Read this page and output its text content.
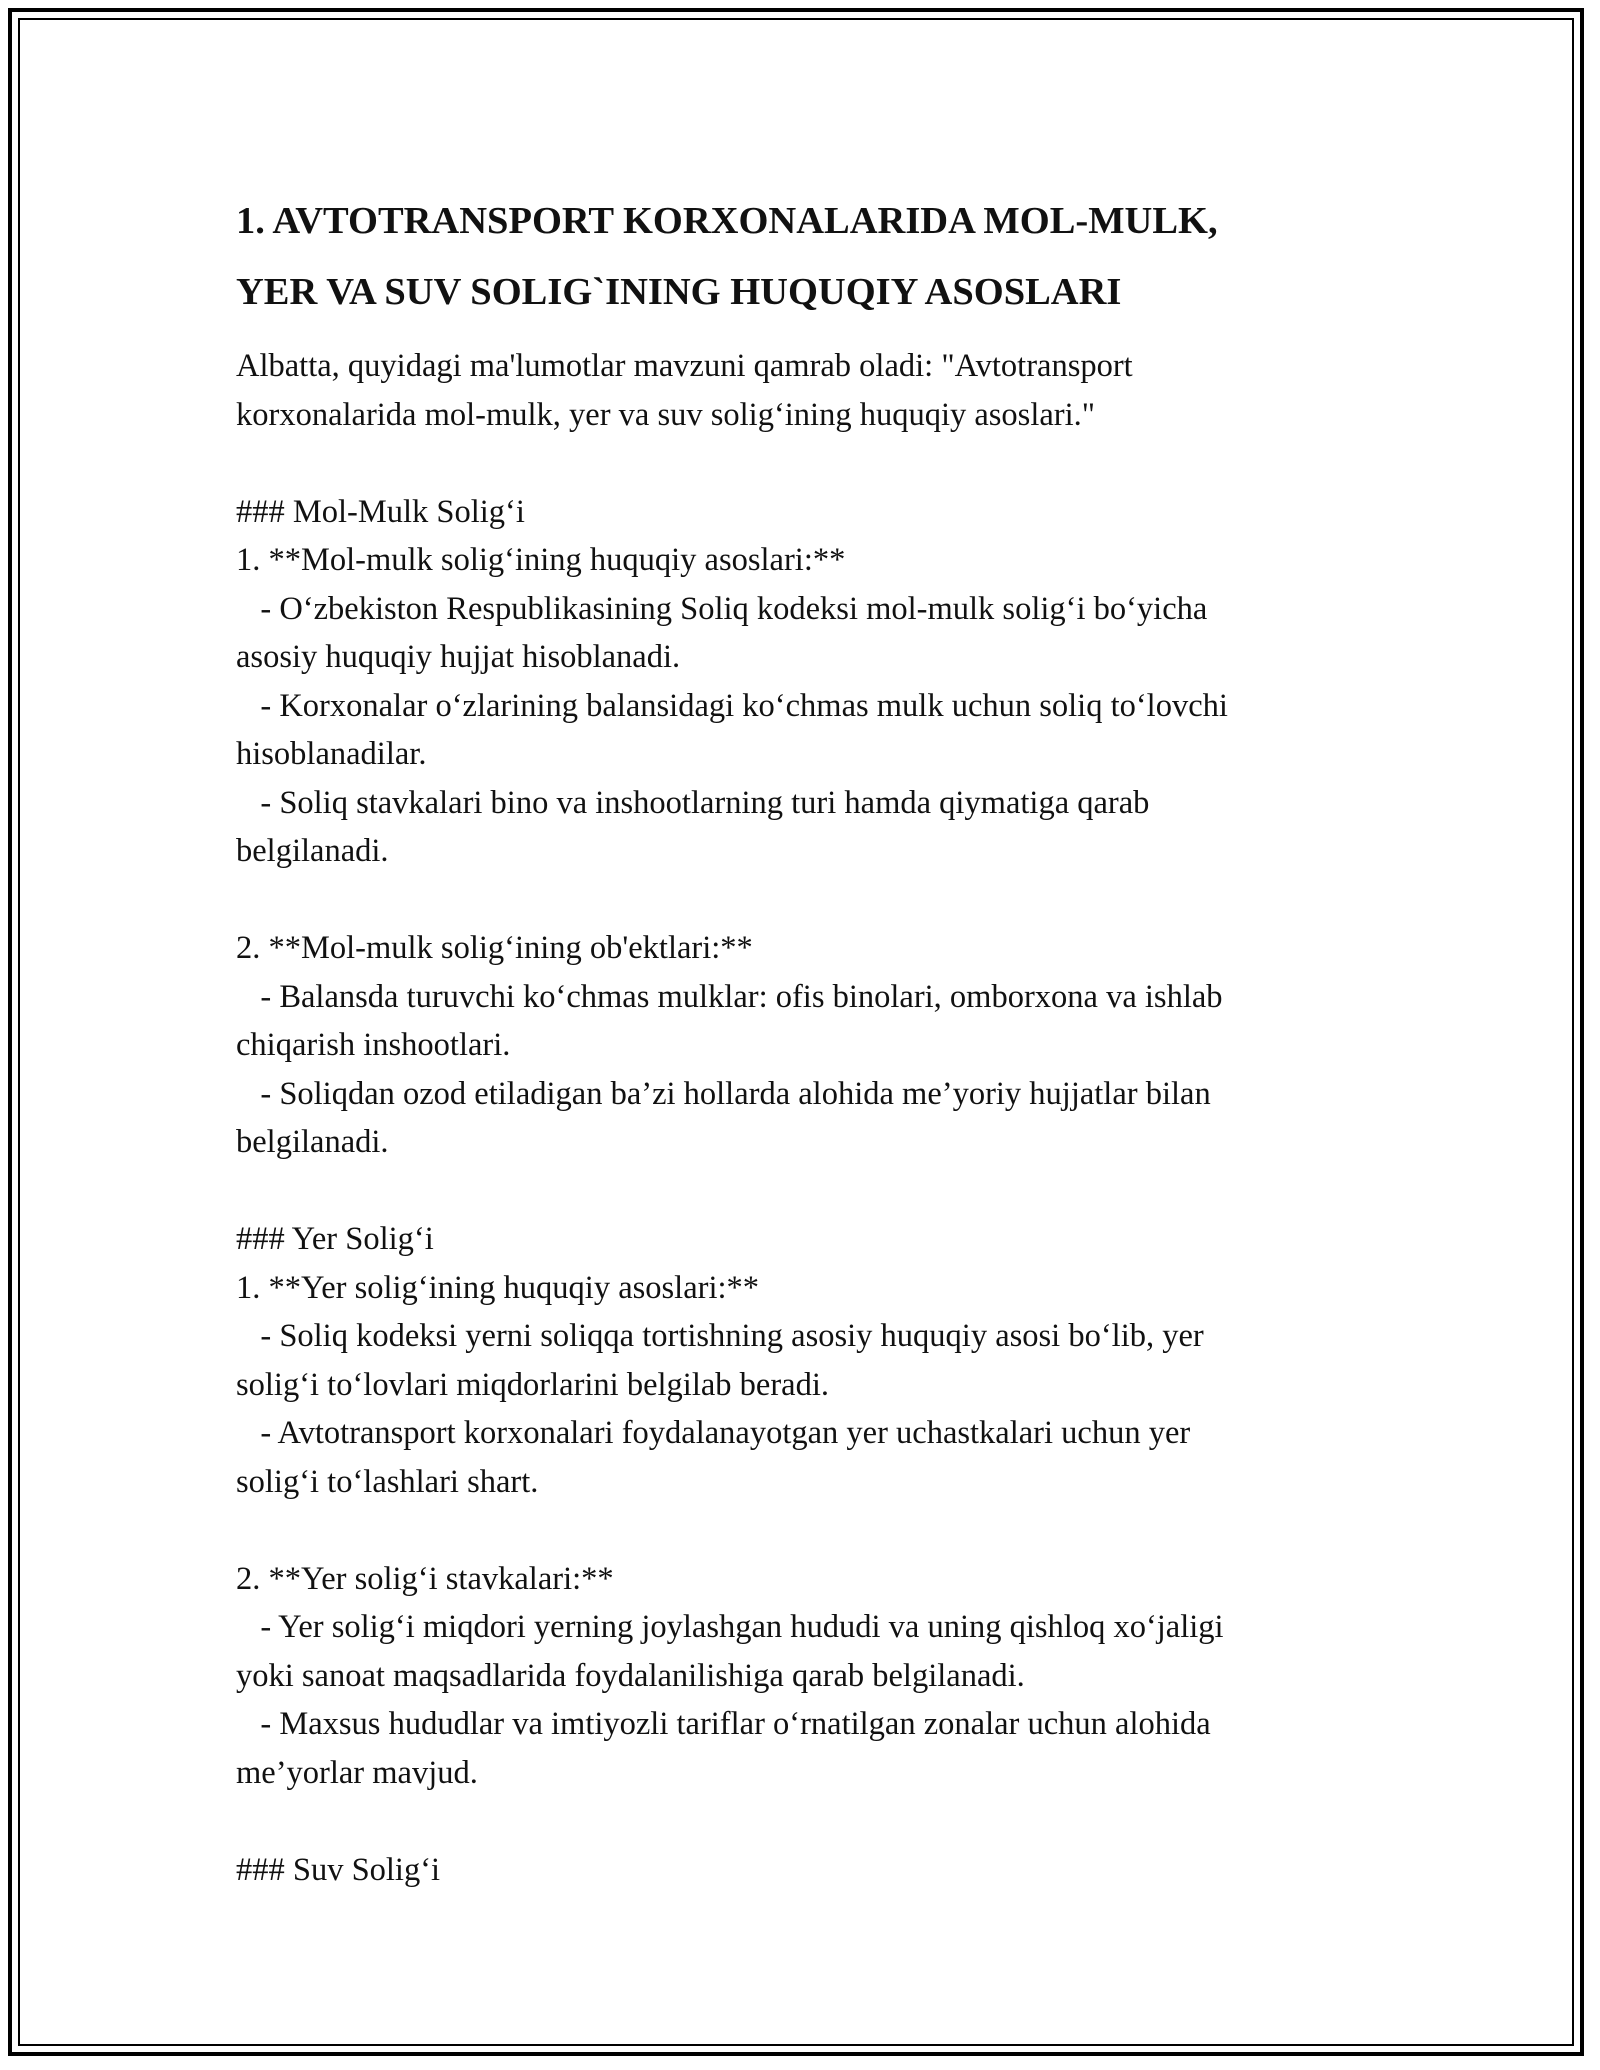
1. AVTOTRANSPORT KORXONALARIDA MOL-MULK,
YER VA SUV SOLIG`INING HUQUQIY ASOSLARI
Albatta, quyidagi ma'lumotlar mavzuni qamrab oladi: "Avtotransport
korxonalarida mol-mulk, yer va suv solig‘ining huquqiy asoslari."
### Mol-Mulk Solig‘i
1. **Mol-mulk solig‘ining huquqiy asoslari:**
- O‘zbekiston Respublikasining Soliq kodeksi mol-mulk solig‘i bo‘yicha
asosiy huquqiy hujjat hisoblanadi.
- Korxonalar o‘zlarining balansidagi ko‘chmas mulk uchun soliq to‘lovchi
hisoblanadilar.
- Soliq stavkalari bino va inshootlarning turi hamda qiymatiga qarab
belgilanadi.
2. **Mol-mulk solig‘ining ob'ektlari:**
- Balansda turuvchi ko‘chmas mulklar: ofis binolari, omborxona va ishlab
chiqarish inshootlari.
- Soliqdan ozod etiladigan ba’zi hollarda alohida me’yoriy hujjatlar bilan
belgilanadi.
### Yer Solig‘i
1. **Yer solig‘ining huquqiy asoslari:**
- Soliq kodeksi yerni soliqqa tortishning asosiy huquqiy asosi bo‘lib, yer
solig‘i to‘lovlari miqdorlarini belgilab beradi.
- Avtotransport korxonalari foydalanayotgan yer uchastkalari uchun yer
solig‘i to‘lashlari shart.
2. **Yer solig‘i stavkalari:**
- Yer solig‘i miqdori yerning joylashgan hududi va uning qishloq xo‘jaligi
yoki sanoat maqsadlarida foydalanilishiga qarab belgilanadi.
- Maxsus hududlar va imtiyozli tariflar o‘rnatilgan zonalar uchun alohida
me’yorlar mavjud.
### Suv Solig‘i
